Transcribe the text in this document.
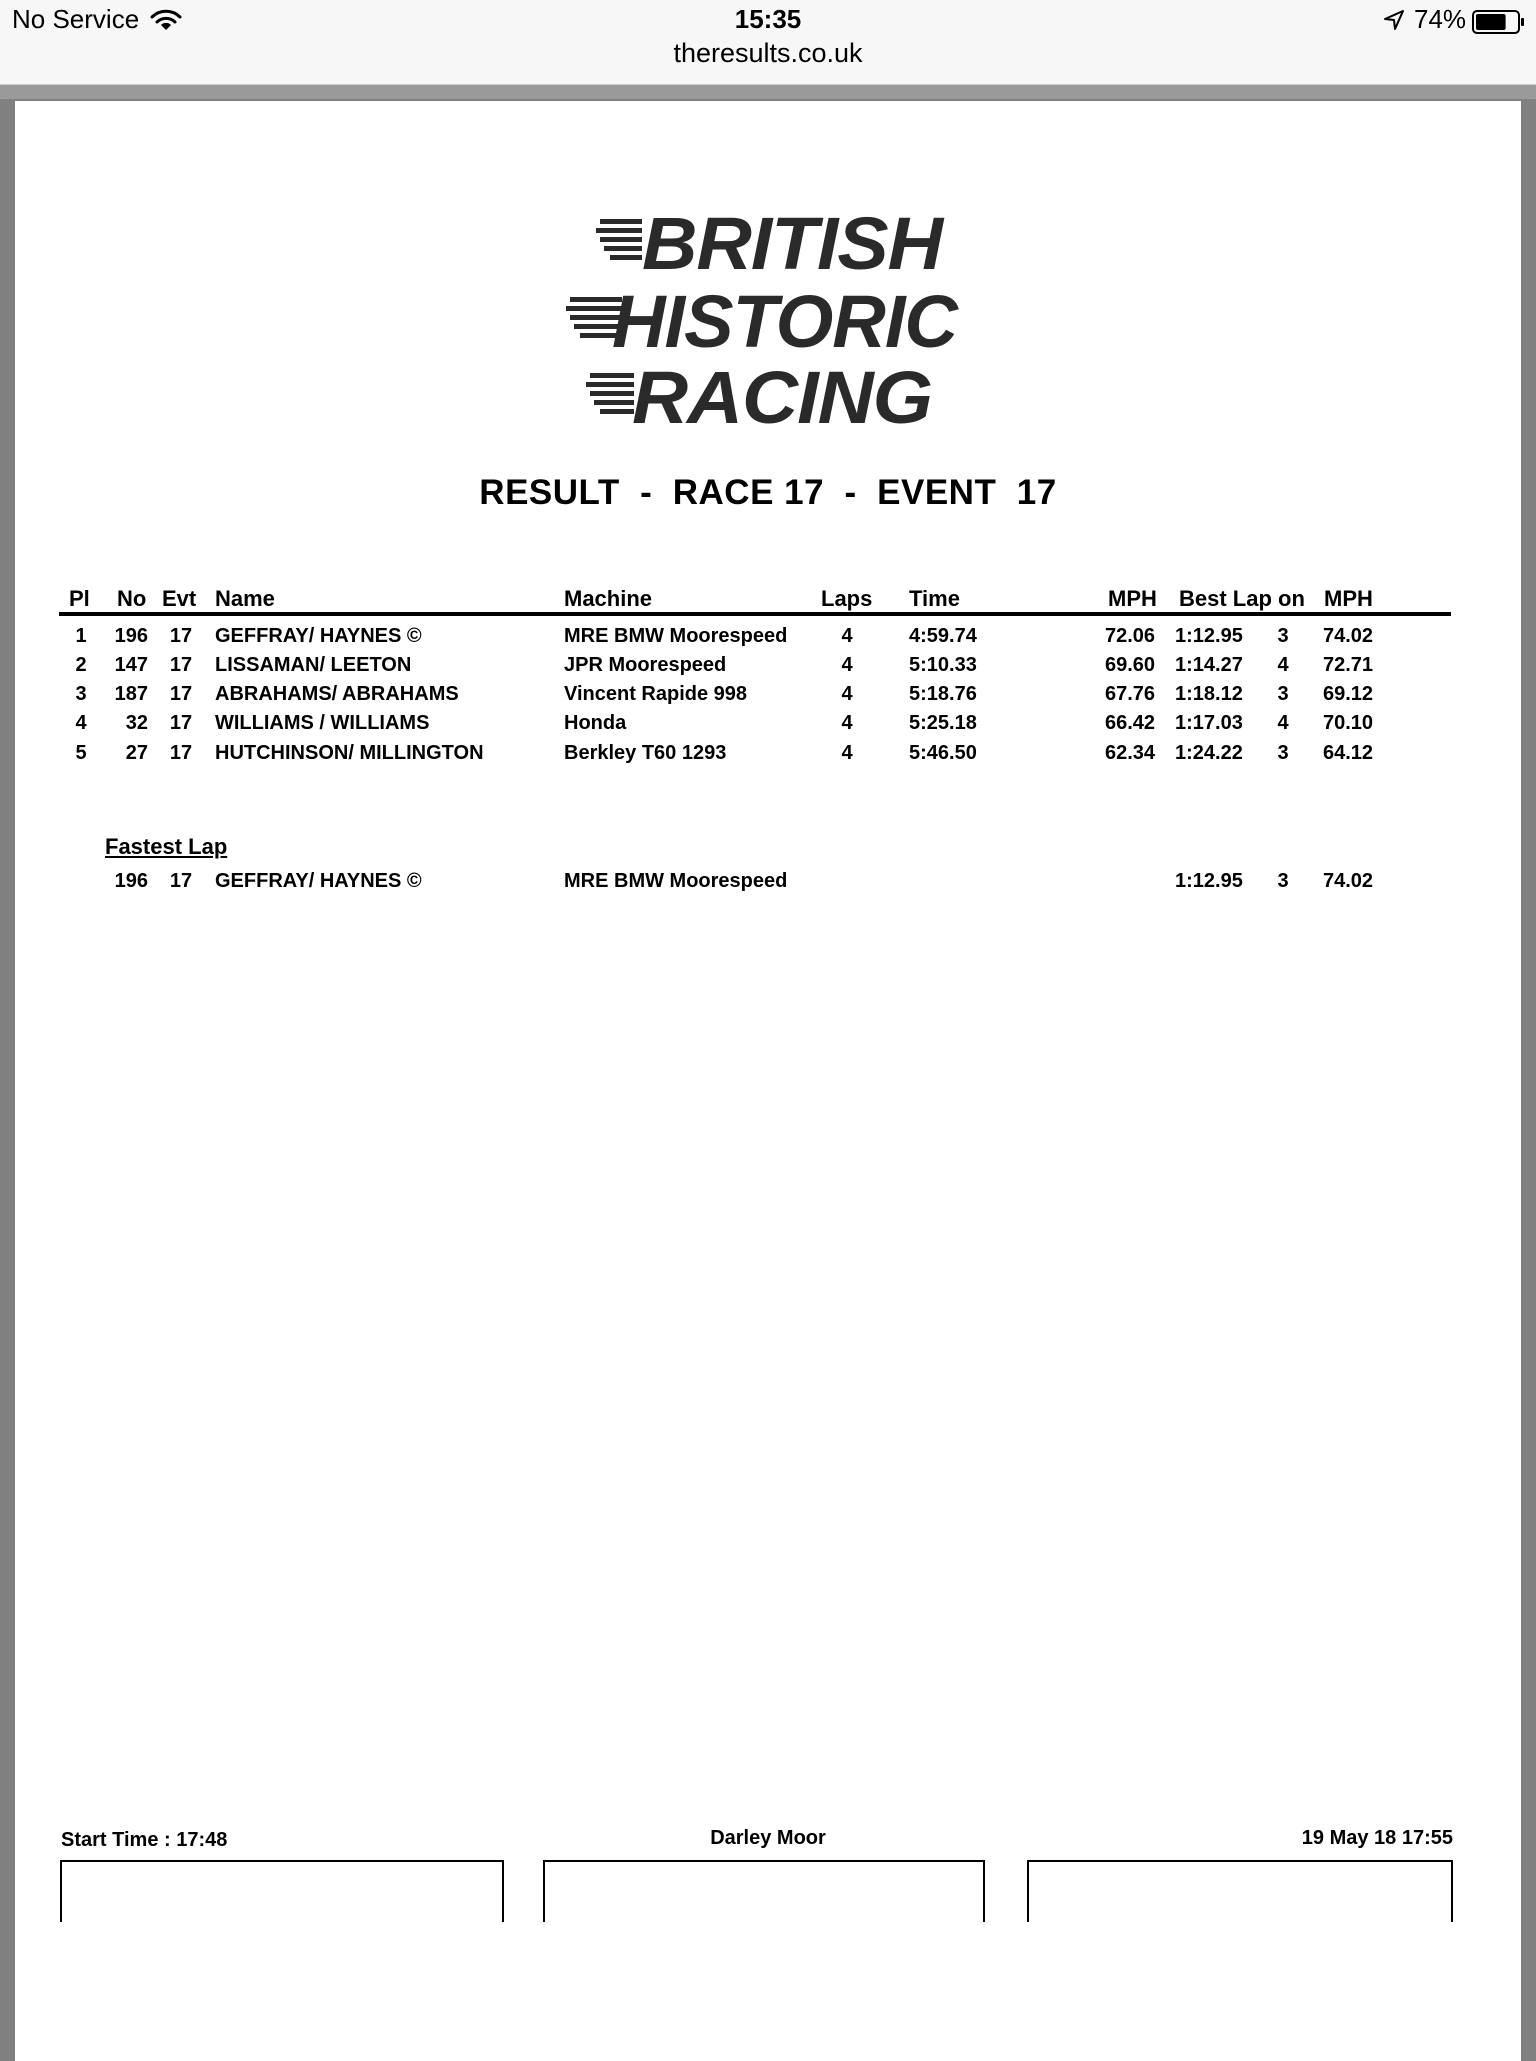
No Service	15:35
theresults.co.uk
74%
BRITISH
HISTORIC
RACING
RESULT  -  RACE 17  -  EVENT  17
Pl No Evt Name	Machine	Laps Time	MPH Best Lap on MPH
1	196	17	GEFFRAY/ HAYNES ©	MRE BMW Moorespeed	4	4:59.74	72.06 1:12.95	3	74.02
2	147	17	LISSAMAN/ LEETON	JPR Moorespeed	4	5:10.33	69.60 1:14.27	4	72.71
3	187	17	ABRAHAMS/ ABRAHAMS	Vincent Rapide 998	4	5:18.76	67.76 1:18.12	3	69.12
4	32	17	WILLIAMS / WILLIAMS	Honda	4	5:25.18	66.42 1:17.03	4	70.10
5	27	17	HUTCHINSON/ MILLINGTON	Berkley T60 1293	4	5:46.50	62.34 1:24.22	3	64.12
Fastest Lap
196	17	GEFFRAY/ HAYNES ©	MRE BMW Moorespeed	1:12.95	3	74.02
Start Time : 17:48	Darley Moor	19 May 18 17:55
